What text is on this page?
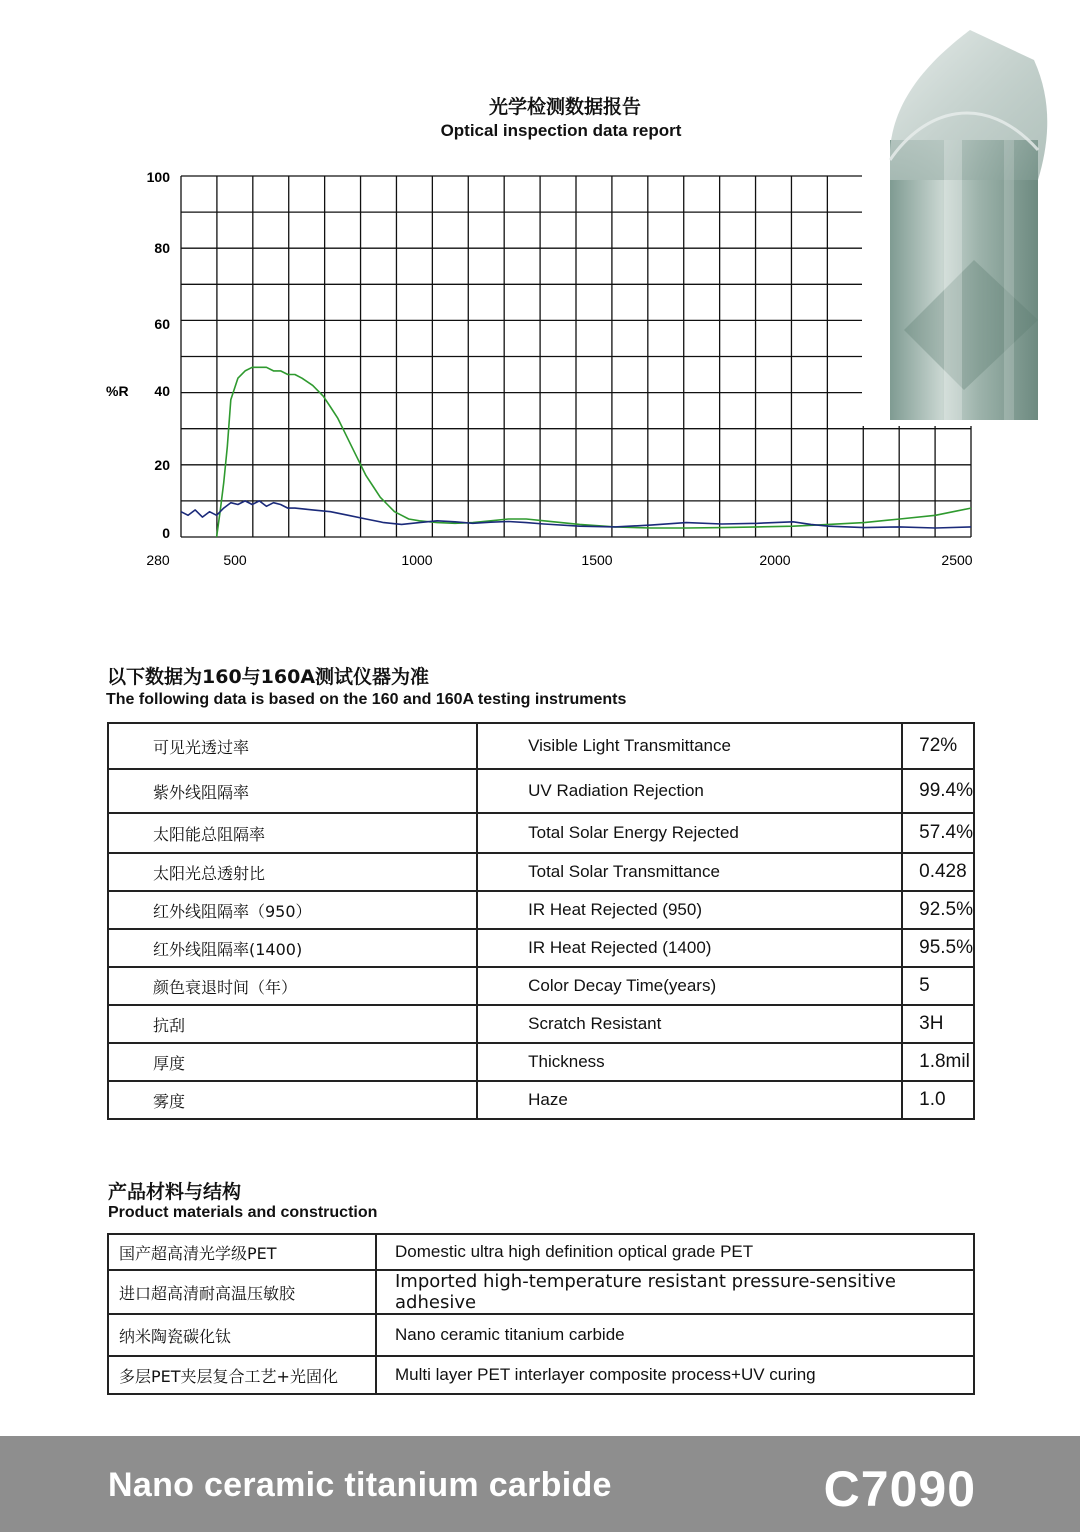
光学检测数据报告
Optical inspection data report
0
20
40
60
80
100
280	500	1000	1500	2000	2500
%R
以下数据为160与160A测试仪器为准
The following data is based on the 160 and 160A testing instruments
可见光透过率	Visible Light Transmittance	72%
紫外线阻隔率	UV Radiation Rejection	99.4%
太阳能总阻隔率	Total Solar Energy Rejected	57.4%
太阳光总透射比	Total Solar Transmittance	0.428
红外线阻隔率（950）	IR Heat Rejected (950)	92.5%
红外线阻隔率(1400)	IR Heat Rejected (1400)	95.5%
颜色衰退时间（年）	Color Decay Time(years)	5
抗刮	Scratch Resistant	3H
厚度	Thickness	1.8mil
雾度	Haze	1.0
产品材料与结构
Product materials and construction
国产超高清光学级PET	Domestic ultra high definition optical grade PET
进口超高清耐高温压敏胶	Imported high-temperature resistant pressure-sensitive adhesive
纳米陶瓷碳化钛	Nano ceramic titanium carbide
多层PET夹层复合工艺+光固化	Multi layer PET interlayer composite process+UV curing
Nano ceramic titanium carbide	C7090
